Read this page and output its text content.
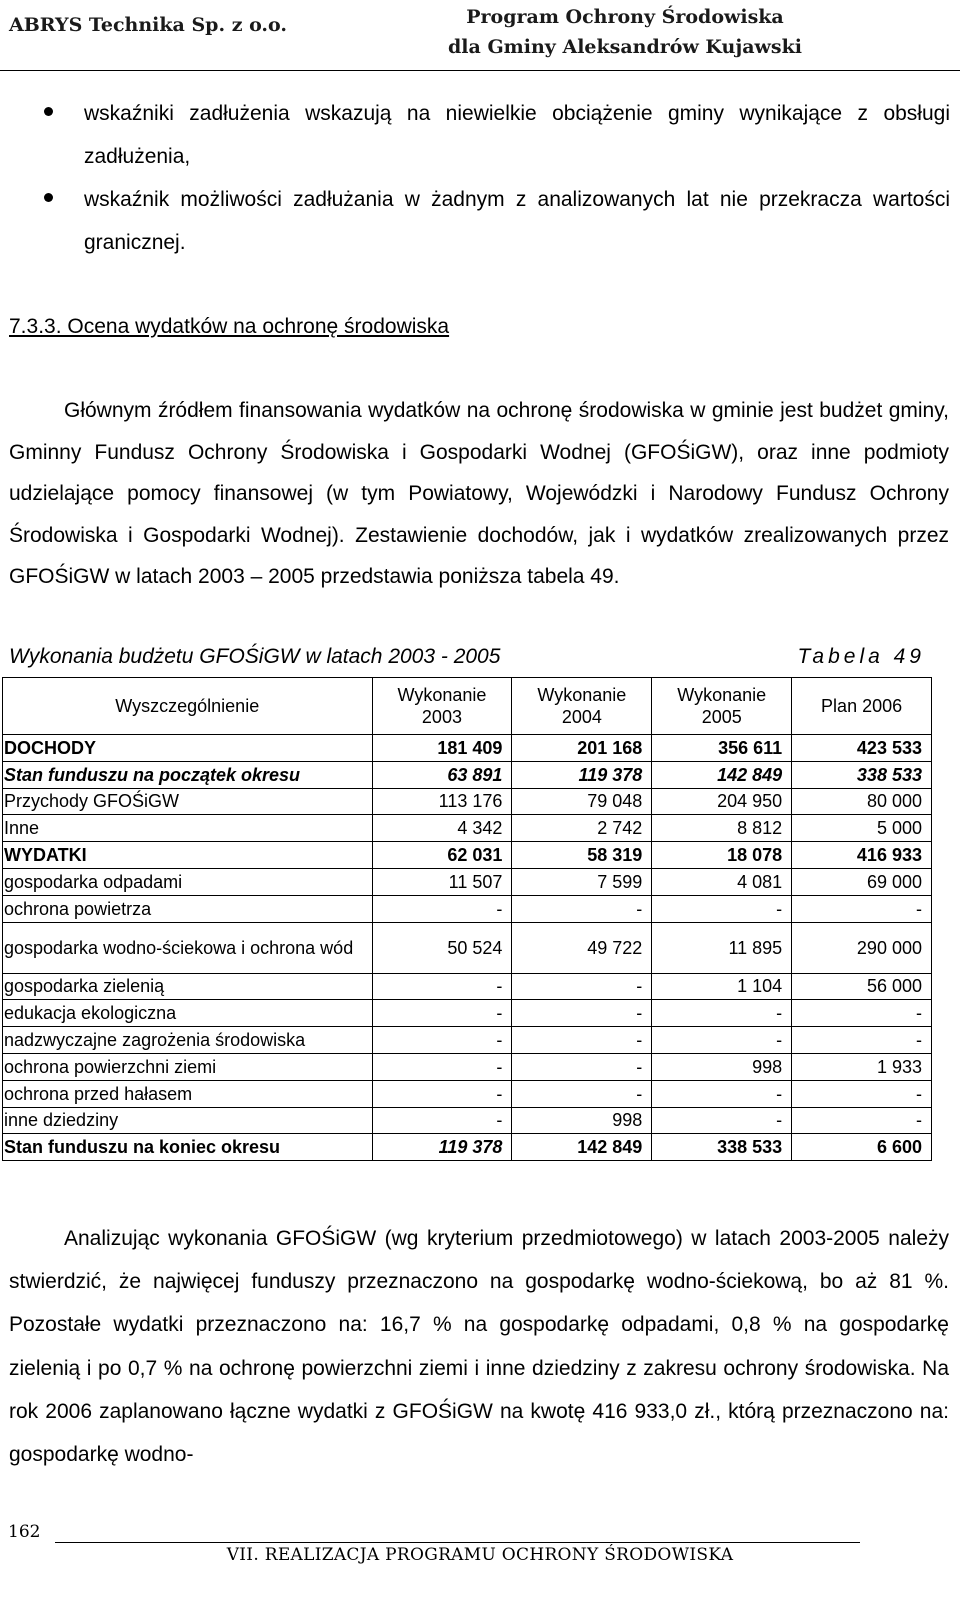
ABRYS Technika Sp. z o.o.	Program Ochrony Środowiska
dla Gminy Aleksandrów Kujawski
wskaźniki zadłużenia wskazują na niewielkie obciążenie gminy wynikające z obsługi zadłużenia,
wskaźnik możliwości zadłużania w żadnym z analizowanych lat nie przekracza wartości granicznej.
7.3.3. Ocena wydatków na ochronę środowiska
Głównym źródłem finansowania wydatków na ochronę środowiska w gminie jest budżet gminy, Gminny Fundusz Ochrony Środowiska i Gospodarki Wodnej (GFOŚiGW), oraz inne podmioty udzielające pomocy finansowej (w tym Powiatowy, Wojewódzki i Narodowy Fundusz Ochrony Środowiska i Gospodarki Wodnej). Zestawienie dochodów, jak i wydatków zrealizowanych przez GFOŚiGW w latach 2003 – 2005 przedstawia poniższa tabela 49.
Wykonania budżetu GFOŚiGW w latach 2003 - 2005	Tabela 49
Wyszczególnienie	Wykonanie 2003	Wykonanie 2004	Wykonanie 2005	Plan 2006
DOCHODY	181 409	201 168	356 611	423 533
Stan funduszu na początek okresu	63 891	119 378	142 849	338 533
Przychody GFOŚiGW	113 176	79 048	204 950	80 000
Inne	4 342	2 742	8 812	5 000
WYDATKI	62 031	58 319	18 078	416 933
gospodarka odpadami	11 507	7 599	4 081	69 000
ochrona powietrza	-	-	-	-
gospodarka wodno-ściekowa i ochrona wód	50 524	49 722	11 895	290 000
gospodarka zielenią	-	-	1 104	56 000
edukacja ekologiczna	-	-	-	-
nadzwyczajne zagrożenia środowiska	-	-	-	-
ochrona powierzchni ziemi	-	-	998	1 933
ochrona przed hałasem	-	-	-	-
inne dziedziny	-	998	-	-
Stan funduszu na koniec okresu	119 378	142 849	338 533	6 600
Analizując wykonania GFOŚiGW (wg kryterium przedmiotowego) w latach 2003-2005 należy stwierdzić, że najwięcej funduszy przeznaczono na gospodarkę wodno-ściekową, bo aż 81 %. Pozostałe wydatki przeznaczono na: 16,7 % na gospodarkę odpadami, 0,8 % na gospodarkę zielenią i po 0,7 % na ochronę powierzchni ziemi i inne dziedziny z zakresu ochrony środowiska. Na rok 2006 zaplanowano łączne wydatki z GFOŚiGW na kwotę 416 933,0 zł., którą przeznaczono na: gospodarkę wodno-
162
VII. REALIZACJA PROGRAMU OCHRONY ŚRODOWISKA
